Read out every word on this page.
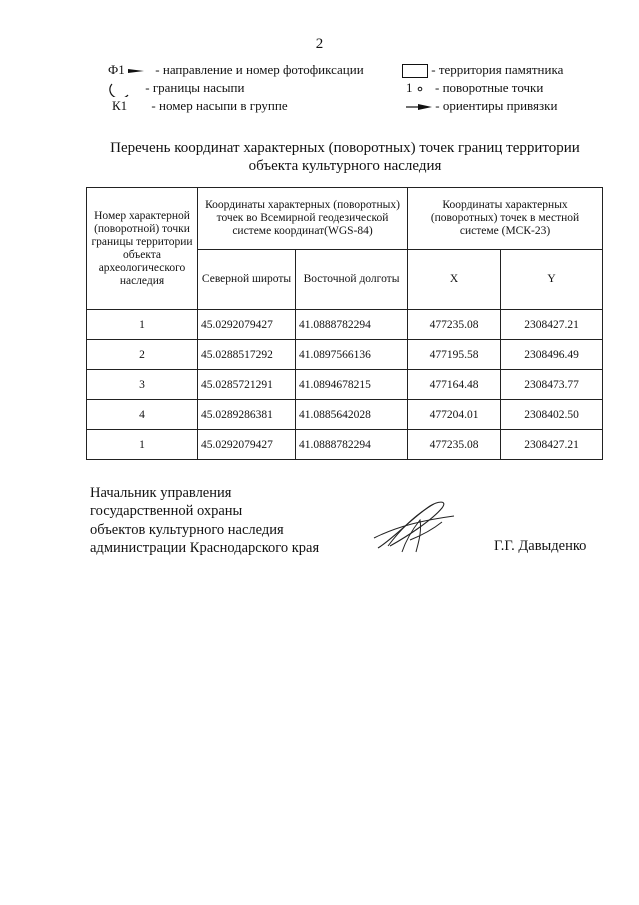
2
Ф1 - направление и номер фотофиксации
- границы насыпи
К1 - номер насыпи в группе
- территория памятника
1 - поворотные точки
- ориентиры привязки
Перечень координат характерных (поворотных) точек границ территории
объекта культурного наследия
Номер характерной (поворотной) точки границы территории объекта археологического наследия	Координаты характерных (поворотных) точек во Всемирной геодезической системе координат(WGS-84)		Координаты характерных (поворотных) точек в местной системе (МСК-23)	
	Северной широты	Восточной долготы	X	Y
1	45.0292079427	41.0888782294	477235.08	2308427.21
2	45.0288517292	41.0897566136	477195.58	2308496.49
3	45.0285721291	41.0894678215	477164.48	2308473.77
4	45.0289286381	41.0885642028	477204.01	2308402.50
1	45.0292079427	41.0888782294	477235.08	2308427.21
Начальник управления
государственной охраны
объектов культурного наследия
администрации Краснодарского края	Г.Г. Давыденко
